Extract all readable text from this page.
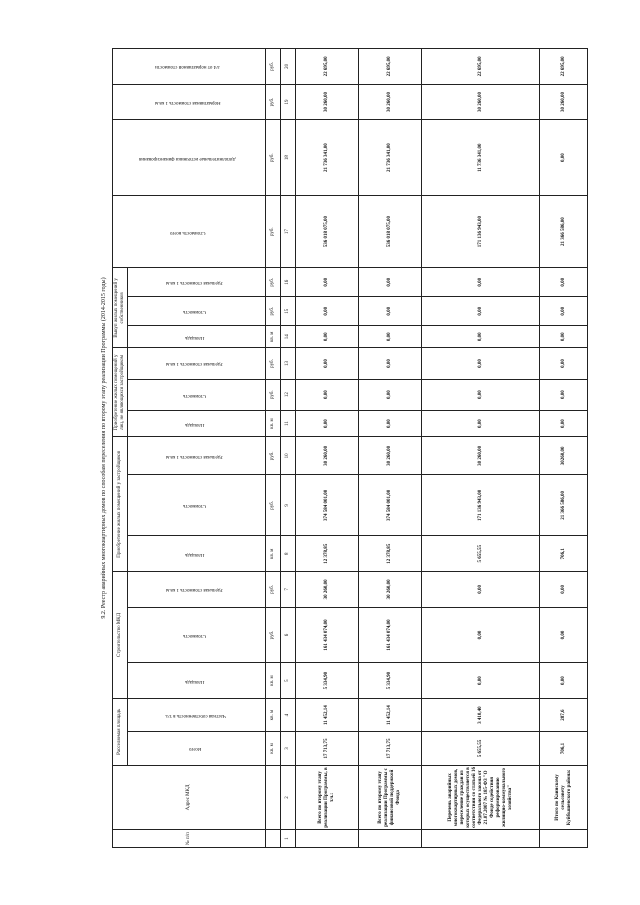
9.2. Реестр аварийных многоквартирных домов по способам переселения по второму этапу реализации Программы (2014-2015 годы)
№ п/п	Адрес МКД	Расселяемая площадь		Строительство МКД			Приобретение жилых помещений у застройщиков			Приобретение жилых помещений у лиц, не являющихся застройщиком			Выкуп жилых помещений у собственников			Стоимость всего	Дополнительные источники финансирования	Нормативная стоимость 1 кв.м	3/4 от нормативной стоимости
		Всего	Частная собственность в т.ч.	Площадь	Стоимость	Удельная стоимость 1 кв.м	Площадь	Стоимость	Удельная стоимость 1 кв.м	Площадь	Стоимость	Удельная стоимость 1 кв.м	Площадь	Стоимость	Удельная стоимость 1 кв.м				
		кв. м	кв. м	кв. м	руб.	руб.	кв. м	руб.	руб.	кв. м	руб.	руб.	кв. м	руб.	руб.	руб.	руб.	руб.	руб.
1	2	3	4	5	6	7	8	9	10	11	12	13	14	15	16	17	18	19	20
	Всего по второму этапу реализации Программы, в т.ч.:	17 713,75	11 452,14	5 334,90	161 434 074,00	30 260,00	12 378,85	374 584 001,00	30 260,00	0,00	0,00	0,00	0,00	0,00	0,00	536 018 075,00	21 736 341,00	30 260,00	22 695,00
	Всего по второму этапу реализации Программы с финансовой поддержкой Фонда	17 713,75	11 452,14	5 334,90	161 434 074,00	30 260,00	12 378,85	374 584 001,00	30 260,00	0,00	0,00	0,00	0,00	0,00	0,00	536 018 075,00	21 736 341,00	30 260,00	22 695,00
	Перечень аварийных многоквартирных домов, переселение граждан из которых осуществляется в соответствии со статьей 16 Федерального закона от 21.07.2007 № 185-ФЗ "О Фонде содействия реформированию жилищно-коммунального хозяйства"	5 655,55	3 410,40	0,00	0,00	0,00	5 655,55	171 136 943,00	30 260,00	0,00	0,00	0,00	0,00	0,00	0,00	171 136 943,00	11 736 341,00	30 260,00	22 695,00
	Итого по Каинскому сельсовету Куйбышевского района:	706,1	287,6	0,00	0,00	0,00	706,1	21 366 586,00	30260,00	0,00	0,00	0,00	0,00	0,00	0,00	21 366 586,00	0,00	30 260,00	22 695,00
